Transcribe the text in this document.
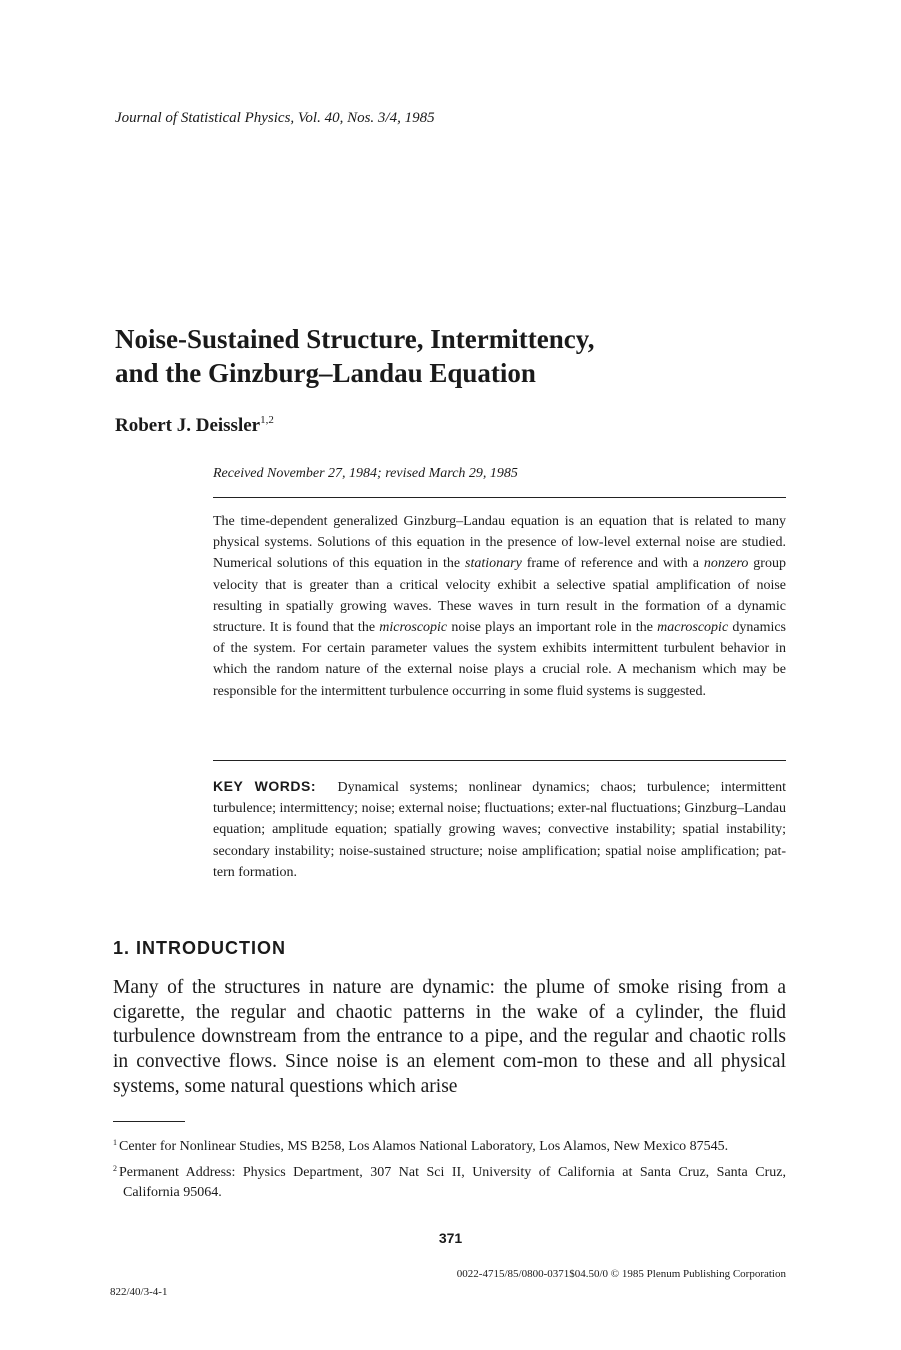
Journal of Statistical Physics, Vol. 40, Nos. 3/4, 1985
Noise-Sustained Structure, Intermittency,
and the Ginzburg–Landau Equation
Robert J. Deissler$^{1,2}$
Received November 27, 1984; revised March 29, 1985
The time-dependent generalized Ginzburg–Landau equation is an equation that is related to many physical systems. Solutions of this equation in the presence of low-level external noise are studied. Numerical solutions of this equation in the stationary frame of reference and with a nonzero group velocity that is greater than a critical velocity exhibit a selective spatial amplification of noise resulting in spatially growing waves. These waves in turn result in the formation of a dynamic structure. It is found that the microscopic noise plays an important role in the macroscopic dynamics of the system. For certain parameter values the system exhibits intermittent turbulent behavior in which the random nature of the external noise plays a crucial role. A mechanism which may be responsible for the intermittent turbulence occurring in some fluid systems is suggested.
KEY WORDS: Dynamical systems; nonlinear dynamics; chaos; turbulence; intermittent turbulence; intermittency; noise; external noise; fluctuations; exter-nal fluctuations; Ginzburg–Landau equation; amplitude equation; spatially growing waves; convective instability; spatial instability; secondary instability; noise-sustained structure; noise amplification; spatial noise amplification; pat-tern formation.
1. INTRODUCTION
Many of the structures in nature are dynamic: the plume of smoke rising from a cigarette, the regular and chaotic patterns in the wake of a cylinder, the fluid turbulence downstream from the entrance to a pipe, and the regular and chaotic rolls in convective flows. Since noise is an element com-mon to these and all physical systems, some natural questions which arise
$^1$ Center for Nonlinear Studies, MS B258, Los Alamos National Laboratory, Los Alamos, New Mexico 87545.
$^2$ Permanent Address: Physics Department, 307 Nat Sci II, University of California at Santa Cruz, Santa Cruz, California 95064.
371
0022-4715/85/0800-0371$04.50/0 © 1985 Plenum Publishing Corporation
822/40/3-4-1
